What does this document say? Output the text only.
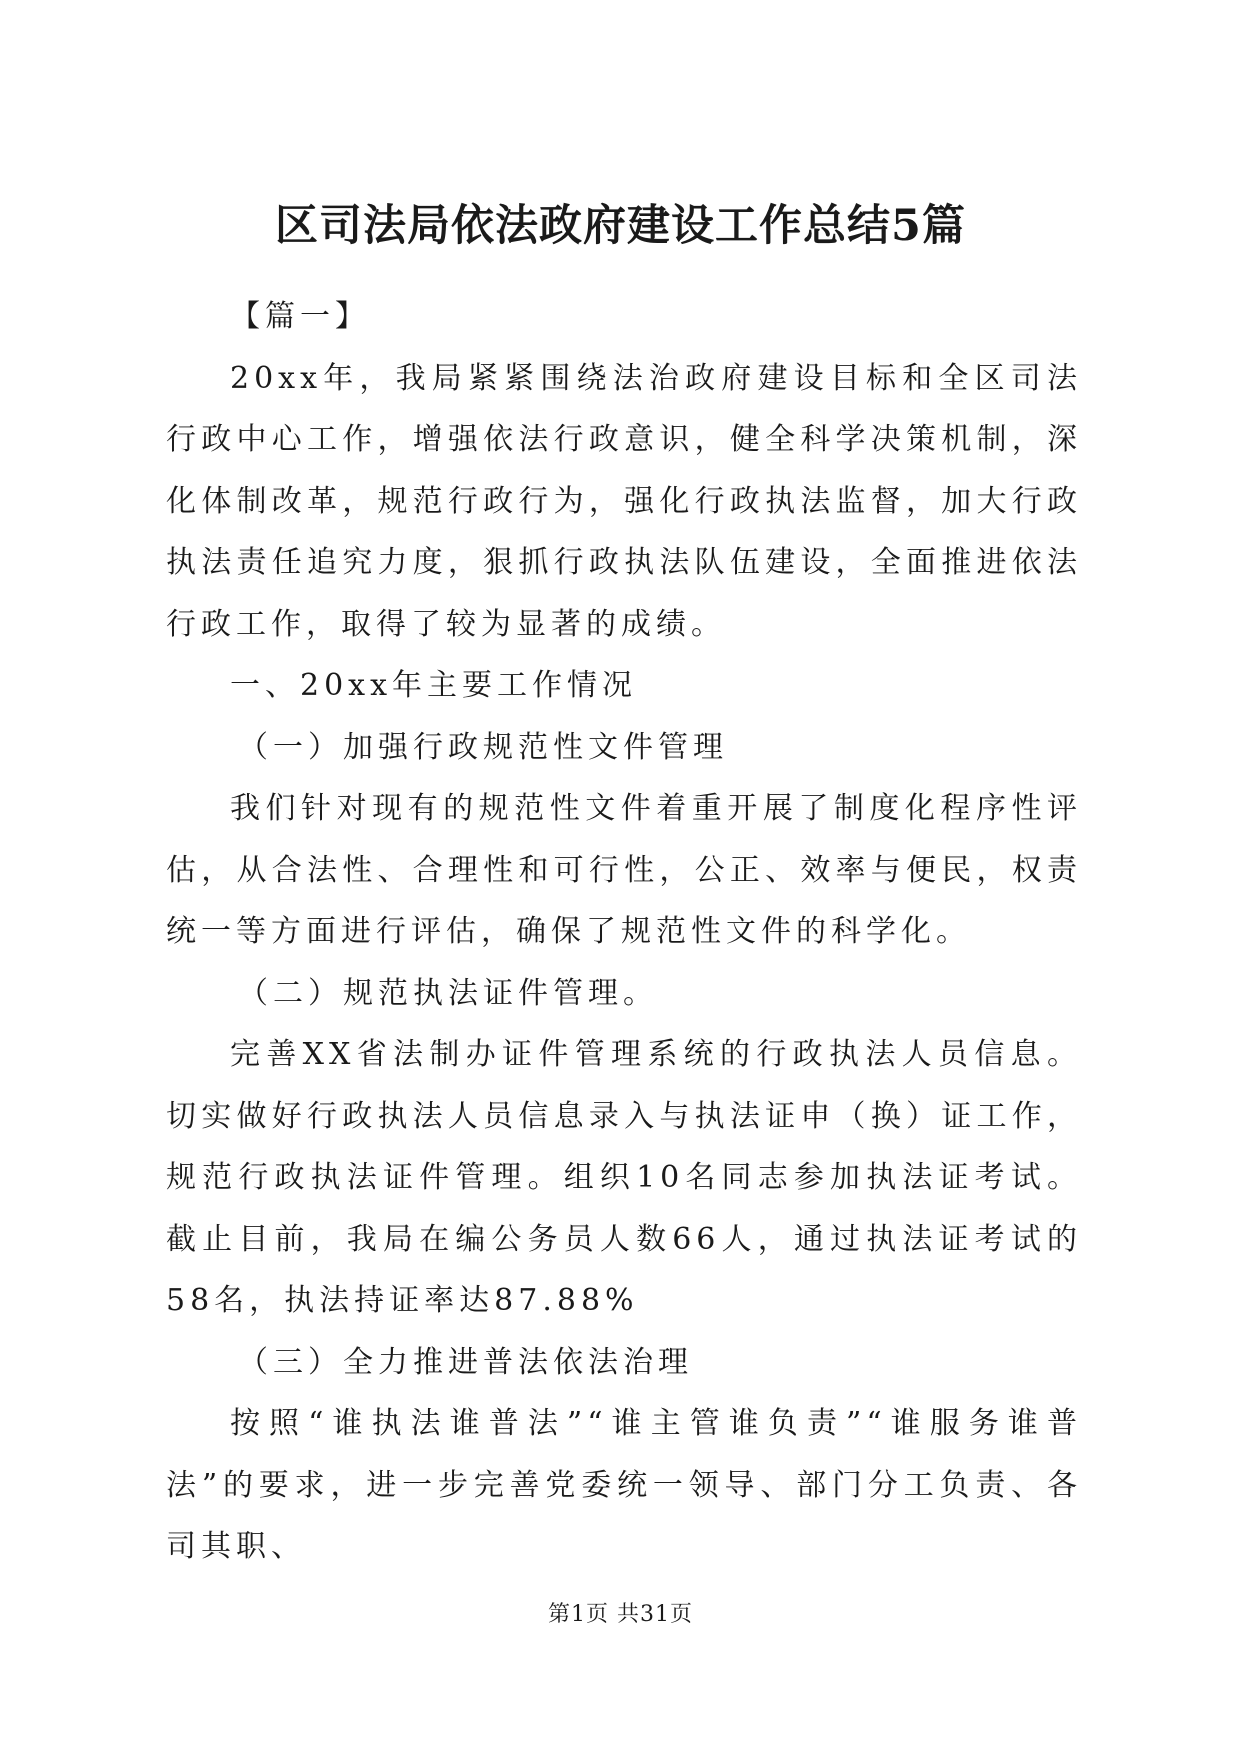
区司法局依法政府建设工作总结5篇

【篇一】

20xx年，我局紧紧围绕法治政府建设目标和全区司法行政中心工作，增强依法行政意识，健全科学决策机制，深化体制改革，规范行政行为，强化行政执法监督，加大行政执法责任追究力度，狠抓行政执法队伍建设，全面推进依法行政工作，取得了较为显著的成绩。

一、20xx年主要工作情况

（一）加强行政规范性文件管理

我们针对现有的规范性文件着重开展了制度化程序性评估，从合法性、合理性和可行性，公正、效率与便民，权责统一等方面进行评估，确保了规范性文件的科学化。

（二）规范执法证件管理。

完善XX省法制办证件管理系统的行政执法人员信息。切实做好行政执法人员信息录入与执法证申（换）证工作，规范行政执法证件管理。组织10名同志参加执法证考试。截止目前，我局在编公务员人数66人，通过执法证考试的58名，执法持证率达87.88%

（三）全力推进普法依法治理

按照“谁执法谁普法”“谁主管谁负责”“谁服务谁普法”的要求，进一步完善党委统一领导、部门分工负责、各司其职、

第1页 共31页
